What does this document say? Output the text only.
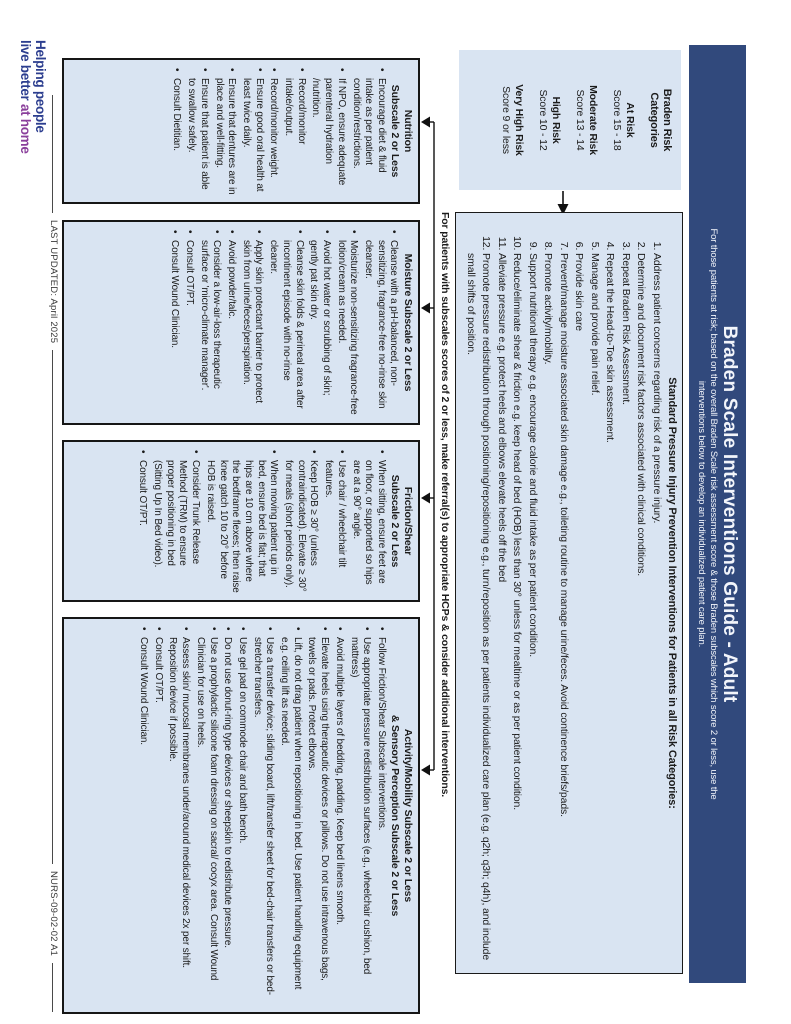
Braden Scale Interventions Guide - Adult
For those patients at risk; based on the overall Braden Scale risk assessment score & those Braden subscales which score 2 or less, use the
interventions below to develop an individualized patient care plan.
Braden Risk Categories
At Risk
Score 15 - 18
Moderate Risk
Score 13 - 14
High Risk
Score 10 - 12
Very High Risk
Score 9 or less
Standard Pressure Injury Prevention Interventions for Patients in all Risk Categories:
1. Address patient concerns regarding risk of a pressure injury.
2. Determine and document risk factors associated with clinical conditions.
3. Repeat Braden Risk Assessment.
4. Repeat the Head-to-Toe skin assessment.
5. Manage and provide pain relief.
6. Provide skin care
7. Prevent/manage moisture associated skin damage e.g., toileting routine to manage urine/feces. Avoid continence briefs/pads.
8. Promote activity/mobility.
9. Support nutritional therapy e.g. encourage calorie and fluid intake as per patient condition.
10. Reduce/eliminate shear & friction e.g. keep head of bed (HOB) less than 30° unless for mealtime or as per patient condition.
11. Alleviate pressure e.g. protect heels and elbows elevate heels off the bed
12. Promote pressure redistribution through positioning/repositioning e.g., turn/reposition as per patients individualized care plan (e.g. q2h; q3h; q4h), and include small shifts of position.
For patients with subscales scores of 2 or less, make referral(s) to appropriate HCPs & consider additional interventions.
Nutrition
Subscale 2 or Less
• Encourage diet & fluid intake as per patient condition/restrictions.
• If NPO, ensure adequate parenteral hydration /nutrition.
• Record/monitor intake/output.
• Record/monitor weight.
• Ensure good oral health at least twice daily.
• Ensure that dentures are in place and well-fitting.
• Ensure that patient is able to swallow safely.
• Consult Dietitian.
Moisture Subscale 2 or Less
• Cleanse with a pH-balanced, non-sensitizing, fragrance-free no-rinse skin cleanser.
• Moisturize non-sensitizing fragrance-free lotion/cream as needed.
• Avoid hot water or scrubbing of skin; gently pat skin dry.
• Cleanse skin folds & perineal area after incontinent episode with no-rinse cleaner.
• Apply skin protectant barrier to protect skin from urine/feces/perspiration.
• Avoid powder/talc.
• Consider a low-air-loss therapeutic surface or 'micro-climate manager'.
• Consult OT/PT.
• Consult Wound Clinician.
Friction/Shear
Subscale 2 or Less
• When sitting, ensure feet are on floor, or supported so hips are at a 90° angle.
• Use chair / wheelchair tilt features.
• Keep HOB ≥ 30° (unless contraindicated). Elevate ≥ 30° for meals (short periods only).
• When moving patient up in bed, ensure bed is flat; that hips are 10 cm above where the bedframe flexes; then raise knee gatch 10 to 20° before HOB is raised.
• Consider Trunk Release Method (TRM) to ensure proper positioning in bed (Sitting Up In Bed video).
• Consult OT/PT.
Activity/Mobility Subscale 2 or Less
& Sensory Perception Subscale 2 or Less
• Follow Friction/Shear Subscale interventions.
• Use appropriate pressure redistribution surfaces (e.g., wheelchair cushion, bed mattress)
• Avoid multiple layers of bedding, padding. Keep bed linens smooth.
• Elevate heels using therapeutic devices or pillows. Do not use intravenous bags, towels or pads. Protect elbows.
• Lift, do not drag patient when repositioning in bed. Use patient handling equipment e.g. ceiling lift as needed.
• Use a transfer device; sliding board, lift/transfer sheet for bed-chair transfers or bed-stretcher transfers.
• Use gel pad on commode chair and bath bench.
• Do not use donut-ring type devices or sheepskin to redistribute pressure.
• Use a prophylactic silicone foam dressing on sacral/ cocyx area. Consult Wound Clinician for use on heels.
• Assess skin/ mucosal membranes under/around medical devices 2x per shift. Reposition device if possible.
• Consult OT/PT.
• Consult Wound Clinician.
Helping people
live better at home
LAST UPDATED: April 2025
NURS-09-02-02 A1
